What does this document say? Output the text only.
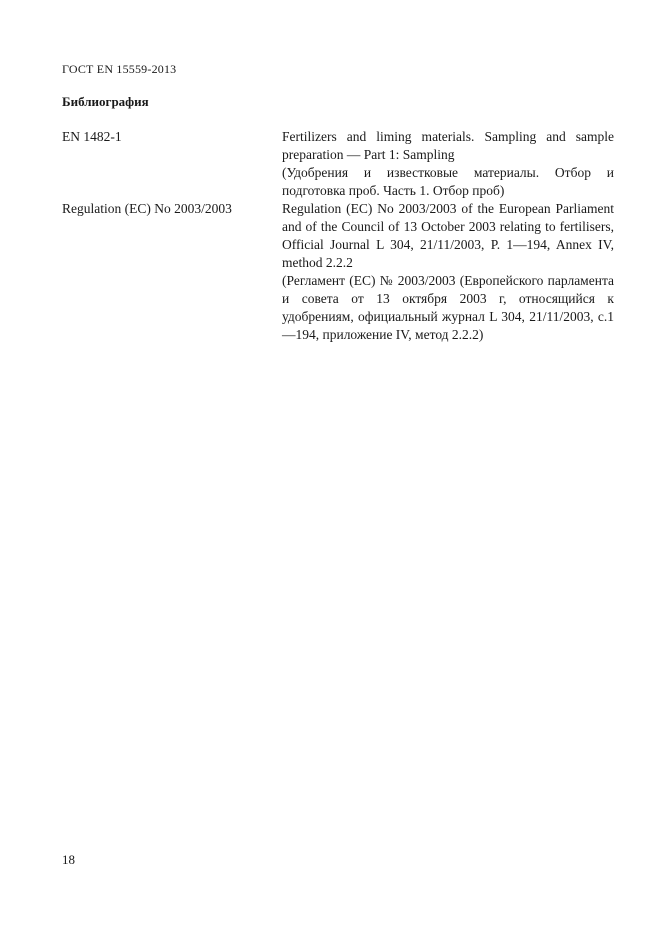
ГОСТ EN 15559-2013
Библиография
EN 1482-1	Fertilizers and liming materials. Sampling and sample preparation — Part 1: Sampling

(Удобрения и известковые материалы. Отбор и подготовка проб. Часть 1. Отбор проб)

Regulation (EC) No 2003/2003	Regulation (EC) No 2003/2003 of the European Parliament and of the Council of 13 October 2003 relating to fertilisers, Official Journal L 304, 21/11/2003, P. 1—194, Annex IV, method 2.2.2

(Регламент (ЕС) № 2003/2003 (Европейского парламента и совета от 13 октября 2003 г, относящийся к удобрениям, официальный журнал L 304, 21/11/2003, с.1—194, приложение IV, метод 2.2.2)

18
